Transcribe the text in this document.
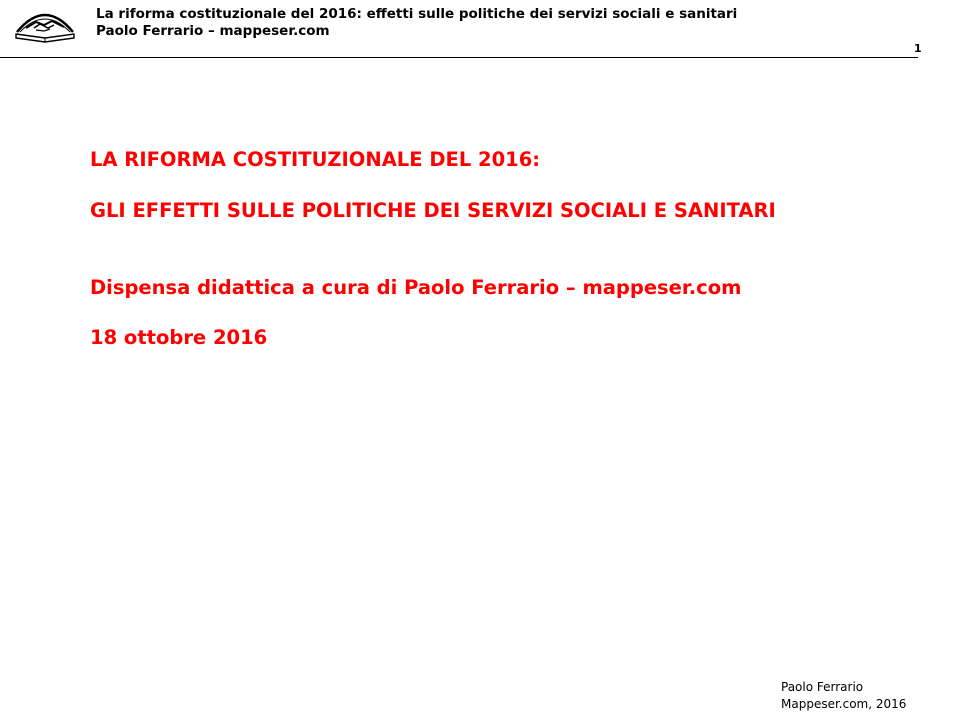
La riforma costituzionale del 2016: effetti sulle politiche dei servizi sociali e sanitari
Paolo Ferrario – mappeser.com
1
LA RIFORMA COSTITUZIONALE DEL 2016:
GLI EFFETTI SULLE POLITICHE DEI SERVIZI SOCIALI E SANITARI
Dispensa didattica a cura di Paolo Ferrario – mappeser.com
18 ottobre 2016
Paolo Ferrario
Mappeser.com, 2016
